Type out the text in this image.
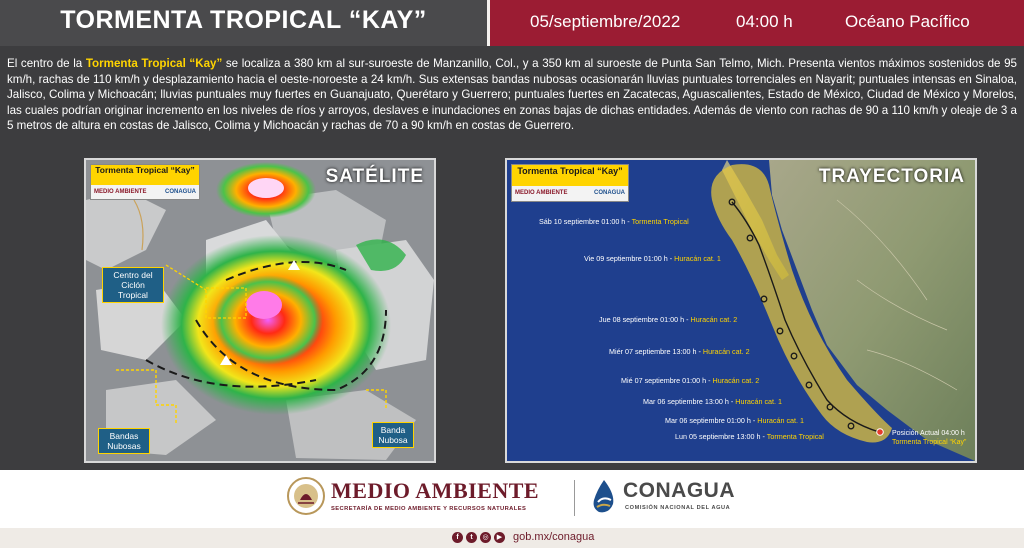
TORMENTA TROPICAL “KAY”	05/septiembre/2022	04:00 h	Océano Pacífico

El centro de la Tormenta Tropical “Kay” se localiza a 380 km al sur-suroeste de Manzanillo, Col., y a 350 km al suroeste de Punta San Telmo, Mich. Presenta vientos máximos sostenidos de 95 km/h, rachas de 110 km/h y desplazamiento hacia el oeste-noroeste a 24 km/h. Sus extensas bandas nubosas ocasionarán lluvias puntuales torrenciales en Nayarit; puntuales intensas en Sinaloa, Jalisco, Colima y Michoacán; lluvias puntuales muy fuertes en Guanajuato, Querétaro y Guerrero; puntuales fuertes en Zacatecas, Aguascalientes, Estado de México, Ciudad de México y Morelos, las cuales podrían originar incremento en los niveles de ríos y arroyos, deslaves e inundaciones en zonas bajas de dichas entidades. Además de viento con rachas de 90 a 110 km/h y oleaje de 3 a 5 metros de altura en costas de Jalisco, Colima y Michoacán y rachas de 70 a 90 km/h en costas de Guerrero.

Tormenta Tropical “Kay”
MEDIO AMBIENTE	CONAGUA
SATÉLITE
Centro del Ciclón Tropical
Bandas Nubosas
Banda Nubosa
Tormenta Tropical “Kay”
MEDIO AMBIENTE	CONAGUA
TRAYECTORIA
Sáb 10 septiembre 01:00 h - Tormenta Tropical
Vie 09 septiembre 01:00 h - Huracán cat. 1
Jue 08 septiembre 01:00 h - Huracán cat. 2
Miér 07 septiembre 13:00 h - Huracán cat. 2
Mié 07 septiembre 01:00 h - Huracán cat. 2
Mar 06 septiembre 13:00 h - Huracán cat. 1
Mar 06 septiembre 01:00 h - Huracán cat. 1
Lun 05 septiembre 13:00 h - Tormenta Tropical	Posición Actual 04:00 h
Tormenta Tropical “Kay”
MEDIO AMBIENTE
SECRETARÍA DE MEDIO AMBIENTE Y RECURSOS NATURALES
CONAGUA
COMISIÓN NACIONAL DEL AGUA
f	t	◎	▶ gob.mx/conagua
